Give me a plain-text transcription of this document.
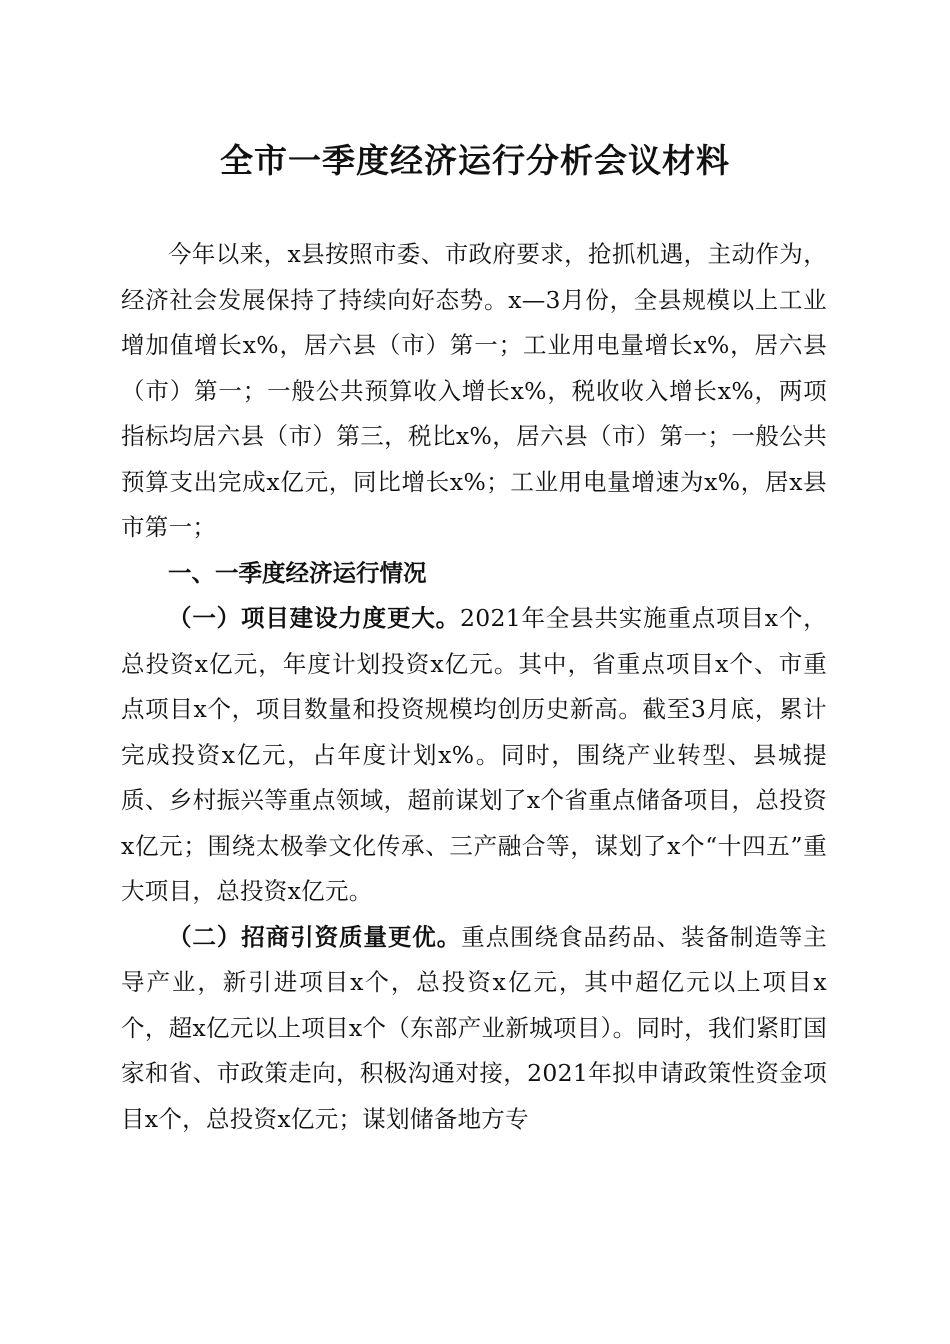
全市一季度经济运行分析会议材料

今年以来，x县按照市委、市政府要求，抢抓机遇，主动作为，经济社会发展保持了持续向好态势。x—3月份，全县规模以上工业增加值增长x%，居六县（市）第一；工业用电量增长x%，居六县（市）第一；一般公共预算收入增长x%，税收收入增长x%，两项指标均居六县（市）第三，税比x%，居六县（市）第一；一般公共预算支出完成x亿元，同比增长x%；工业用电量增速为x%，居x县市第一；

一、一季度经济运行情况

（一）项目建设力度更大。2021年全县共实施重点项目x个，总投资x亿元，年度计划投资x亿元。其中，省重点项目x个、市重点项目x个，项目数量和投资规模均创历史新高。截至3月底，累计完成投资x亿元，占年度计划x%。同时，围绕产业转型、县城提质、乡村振兴等重点领域，超前谋划了x个省重点储备项目，总投资x亿元；围绕太极拳文化传承、三产融合等，谋划了x个“十四五”重大项目，总投资x亿元。

（二）招商引资质量更优。重点围绕食品药品、装备制造等主导产业，新引进项目x个，总投资x亿元，其中超亿元以上项目x个，超x亿元以上项目x个（东部产业新城项目）。同时，我们紧盯国家和省、市政策走向，积极沟通对接，2021年拟申请政策性资金项目x个，总投资x亿元；谋划储备地方专
